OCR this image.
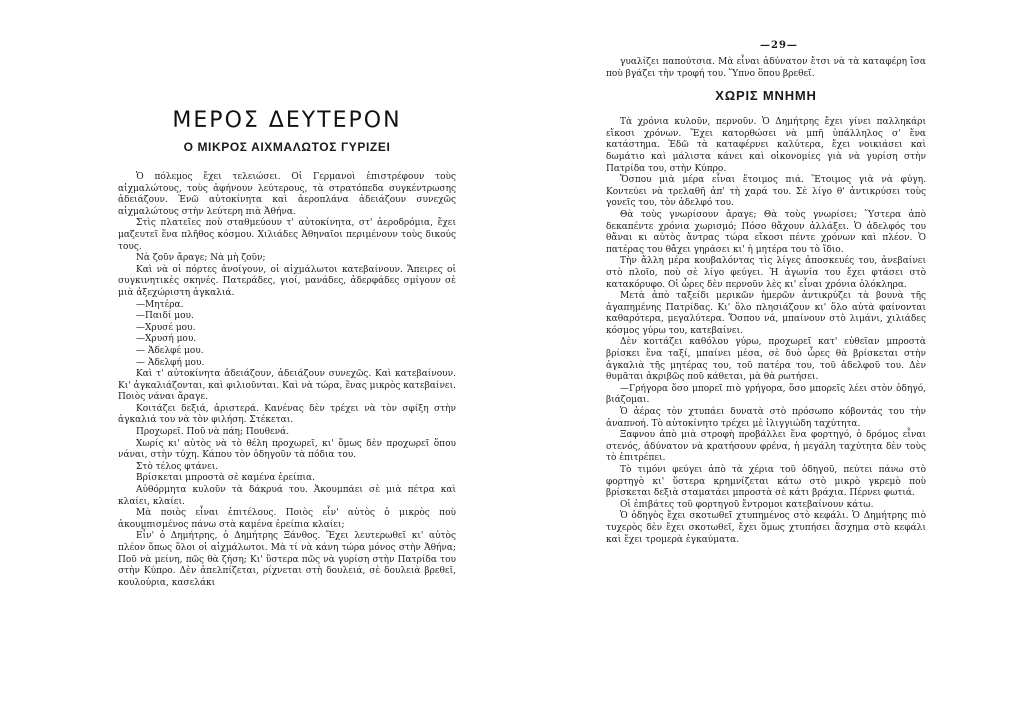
—29—
ΜΕΡΟΣ ΔΕΥΤΕΡΟΝ
Ο ΜΙΚΡΟΣ ΑΙΧΜΑΛΩΤΟΣ ΓΥΡΙΖΕΙ

Ὁ πόλεμος ἔχει τελειώσει. Οἱ Γερμανοὶ ἐπιστρέφουν τοὺς αἰχμαλώτους, τοὺς ἀφήνουν λεύτερους, τὰ στρατόπεδα συγκέντρωσης ἀδειάζουν. Ἐνῶ αὐτοκίνητα καὶ ἀεροπλάνα ἀδειάζουν συνεχῶς αἰχμαλώτους στὴν λεύτερη πιὰ Ἀθήνα.

Στὶς πλατεῖες ποὺ σταθμεύουν τ' αὐτοκίνητα, στ' ἀεροδρόμια, ἔχει μαζευτεῖ ἕνα πλῆθος κόσμου. Χιλιάδες Ἀθηναῖοι περιμένουν τοὺς δικούς τους.

Νὰ ζοῦν ἄραγε; Νὰ μὴ ζοῦν;

Καὶ νὰ οἱ πόρτες ἀνοίγουν, οἱ αἰχμάλωτοι κατεβαίνουν. Ἄπειρες οἱ συγκινητικὲς σκηνές. Πατεράδες, γιοί, μανάδες, ἀδερφάδες σμίγουν σὲ μιὰ ἀξεχώριστη ἀγκαλιά.

—Μητέρα.

—Παιδί μου.

—Χρυσέ μου.

—Χρυσή μου.

— Ἀδελφέ μου.

— Ἀδελφή μου.

Καὶ τ' αὐτοκίνητα ἀδειάζουν, ἀδειάζουν συνεχῶς. Καὶ κατεβαίνουν. Κι' ἀγκαλιάζονται, καὶ φιλιοῦνται. Καὶ νὰ τώρα, ἕνας μικρὸς κατεβαίνει. Ποιὸς νάναι ἄραγε.

Κοιτάζει δεξιά, ἀριστερά. Κανένας δὲν τρέχει νὰ τὸν σφίξη στὴν ἀγκαλιά του νὰ τὸν φιλήση. Στέκεται.

Προχωρεῖ. Ποῦ νὰ πάη; Πουθενά.

Χωρίς κι' αὐτὸς νὰ τὸ θέλη προχωρεῖ, κι' ὅμως δὲν προχωρεῖ ὅπου νάναι, στὴν τύχη. Κάπου τὸν ὁδηγοῦν τὰ πόδια του.

Στὸ τέλος φτάνει.

Βρίσκεται μπροστὰ σὲ καμένα ἐρείπια.

Αὐθόρμητα κυλοῦν τὰ δάκρυά του. Ἀκουμπάει σὲ μιὰ πέτρα καὶ κλαίει, κλαίει.

Μὰ ποιὸς εἶναι ἐπιτέλους. Ποιὸς εἶν' αὐτὸς ὁ μικρὸς ποὺ ἀκουμπισμένος πάνω στὰ καμένα ἐρείπια κλαίει;

Εἶν' ὁ Δημήτρης, ὁ Δημήτρης Ξάνθος. Ἔχει λευτερωθεῖ κι' αὐτὸς πλέον ὅπως ὅλοι οἱ αἰχμάλωτοι. Μὰ τί νὰ κάνη τώρα μόνος στὴν Ἀθήνα; Ποῦ νὰ μείνη, πῶς θὰ ζήση; Κι' ὕστερα πῶς νὰ γυρίση στὴν Πατρίδα του στὴν Κύπρο. Δὲν ἀπελπίζεται, ρίχνεται στὴ δουλειά, σὲ δουλειὰ βρεθεῖ, κουλούρια, κασελάκι

γυαλίζει παπούτσια. Μὰ εἶναι ἀδύνατον ἔτσι νὰ τὰ καταφέρη ἴσα ποὺ βγάζει τὴν τροφή του. Ὕπνο ὅπου βρεθεῖ.

ΧΩΡΙΣ ΜΝΗΜΗ

Τὰ χρόνια κυλοῦν, περνοῦν. Ὁ Δημήτρης ἔχει γίνει παλληκάρι εἴκοσι χρόνων. Ἔχει κατορθώσει νὰ μπῆ ὑπάλληλος σ' ἕνα κατάστημα. Ἐδῶ τὰ καταφέρνει καλύτερα, ἔχει νοικιάσει καὶ δωμάτιο καὶ μάλιστα κάνει καὶ οἰκονομίες γιὰ νὰ γυρίση στὴν Πατρίδα του, στὴν Κύπρο.

Ὅσπου μιὰ μέρα εἶναι ἕτοιμος πιά. Ἕτοιμος γιὰ νὰ φύγη. Κοντεύει νὰ τρελαθῆ ἀπ' τὴ χαρά του. Σὲ λίγο θ' ἀντικρύσει τοὺς γονεῖς του, τὸν ἀδελφό του.

Θὰ τοὺς γνωρίσουν ἄραγε; Θὰ τοὺς γνωρίσει; Ὕστερα ἀπὸ δεκαπέντε χρόνια χωρισμό; Πόσο θἄχουν ἀλλάξει. Ὁ ἀδελφός του θἄναι κι αὐτὸς ἄντρας τώρα εἴκοσι πέντε χρόνων καὶ πλέον. Ὁ πατέρας του θἄχει γηράσει κι' ἡ μητέρα του τὸ ἴδιο.

Τὴν ἄλλη μέρα κουβαλόντας τὶς λίγες ἀποσκευές του, ἀνεβαίνει στὸ πλοῖο, ποὺ σὲ λίγο φεύγει. Ἡ ἀγωνία του ἔχει φτάσει στὸ κατακόρυφο. Οἱ ὧρες δὲν περνοῦν λὲς κι' εἶναι χρόνια ὁλόκληρα.

Μετὰ ἀπὸ ταξείδι μερικῶν ἡμερῶν ἀντικρύζει τὰ βουνὰ τῆς ἀγαπημένης Πατρίδας. Κι' ὅλο πλησιάζουν κι' ὅλο αὐτὰ φαίνονται καθαρότερα, μεγαλύτερα. Ὅσπου νά, μπαίνουν στὸ λιμάνι, χιλιάδες κόσμος γύρω του, κατεβαίνει.

Δὲν κοιτάζει καθόλου γύρω, προχωρεῖ κατ' εὐθεῖαν μπροστὰ βρίσκει ἕνα ταξί, μπαίνει μέσα, σὲ δυὸ ὧρες θὰ βρίσκεται στὴν ἀγκαλιὰ τῆς μητέρας του, τοῦ πατέρα του, τοῦ ἀδελφοῦ του. Δὲν θυμᾶται ἀκριβῶς ποῦ κάθεται, μὰ θὰ ρωτήσει.

—Γρήγορα ὅσο μπορεῖ πιὸ γρήγορα, ὅσο μπορεῖς λέει στὸν ὁδηγό, βιάζομαι.

Ὁ ἀέρας τὸν χτυπάει δυνατὰ στὸ πρόσωπο κόβοντάς του τὴν ἀναπνοή. Τὸ αὐτοκίνητο τρέχει μὲ ἰλιγγιώδη ταχύτητα.

Ξαφνου ἀπὸ μιὰ στροφὴ προβάλλει ἕνα φορτηγό, ὁ δρόμος εἶναι στενός, ἀδύνατον νὰ κρατήσουν φρένα, ἡ μεγάλη ταχύτητα δὲν τοὺς τὸ ἐπιτρέπει.

Τὸ τιμόνι φεύγει ἀπὸ τὰ χέρια τοῦ ὁδηγοῦ, πεύτει πάνω στὸ φορτηγὸ κι' ὕστερα κρημνίζεται κάτω στὸ μικρὸ γκρεμὸ ποὺ βρίσκεται δεξιὰ σταματάει μπροστὰ σὲ κάτι βράχια. Πέρνει φωτιά.

Οἱ ἐπιβάτες τοῦ φορτηγοῦ ἔντρομοι κατεβαίνουν κάτω.

Ὁ ὁδηγὸς ἔχει σκοτωθεῖ χτυπημένος στὸ κεφάλι. Ὁ Δημήτρης πιὸ τυχερὸς δὲν ἔχει σκοτωθεῖ, ἔχει ὅμως χτυπήσει ἄσχημα στὸ κεφάλι καὶ ἔχει τρομερὰ ἐγκαύματα.
